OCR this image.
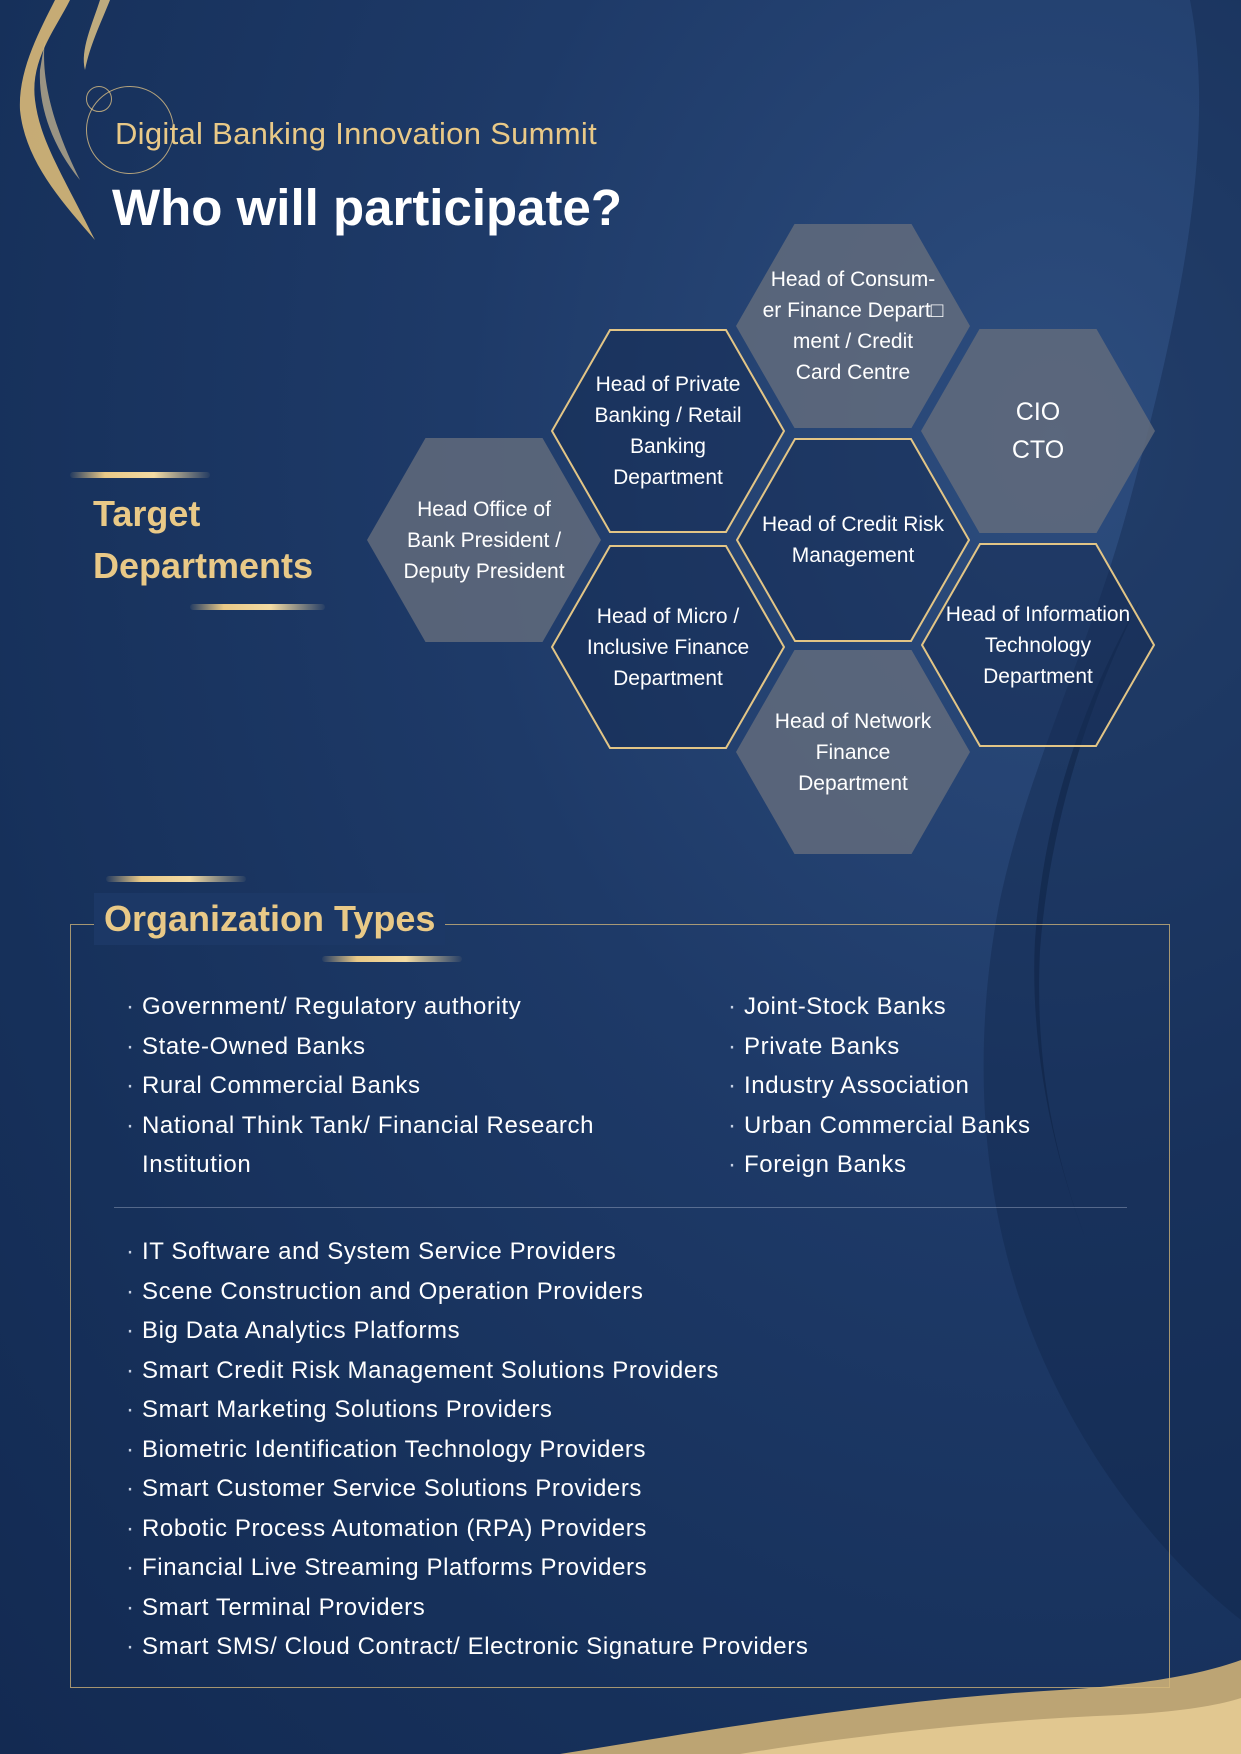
Digital Banking Innovation Summit
Who will participate?
Target
Departments
Head Office of
Bank President /
Deputy President
Head of Private
Banking / Retail
Banking
Department
Head of Micro /
Inclusive Finance
Department
Head of Consum-
er Finance Depart□
ment / Credit
Card Centre
Head of Credit Risk
Management
Head of Network
Finance
Department
CIO
CTO
Head of Information
Technology
Department
Organization Types
· Government/ Regulatory authority
· State-Owned Banks
· Rural Commercial Banks
· National Think Tank/ Financial Research
Institution
· Joint-Stock Banks
· Private Banks
· Industry Association
· Urban Commercial Banks
· Foreign Banks
· IT Software and System Service Providers
· Scene Construction and Operation Providers
· Big Data Analytics Platforms
· Smart Credit Risk Management Solutions Providers
· Smart Marketing Solutions Providers
· Biometric Identification Technology Providers
· Smart Customer Service Solutions Providers
· Robotic Process Automation (RPA) Providers
· Financial Live Streaming Platforms Providers
· Smart Terminal Providers
· Smart SMS/ Cloud Contract/ Electronic Signature Providers
